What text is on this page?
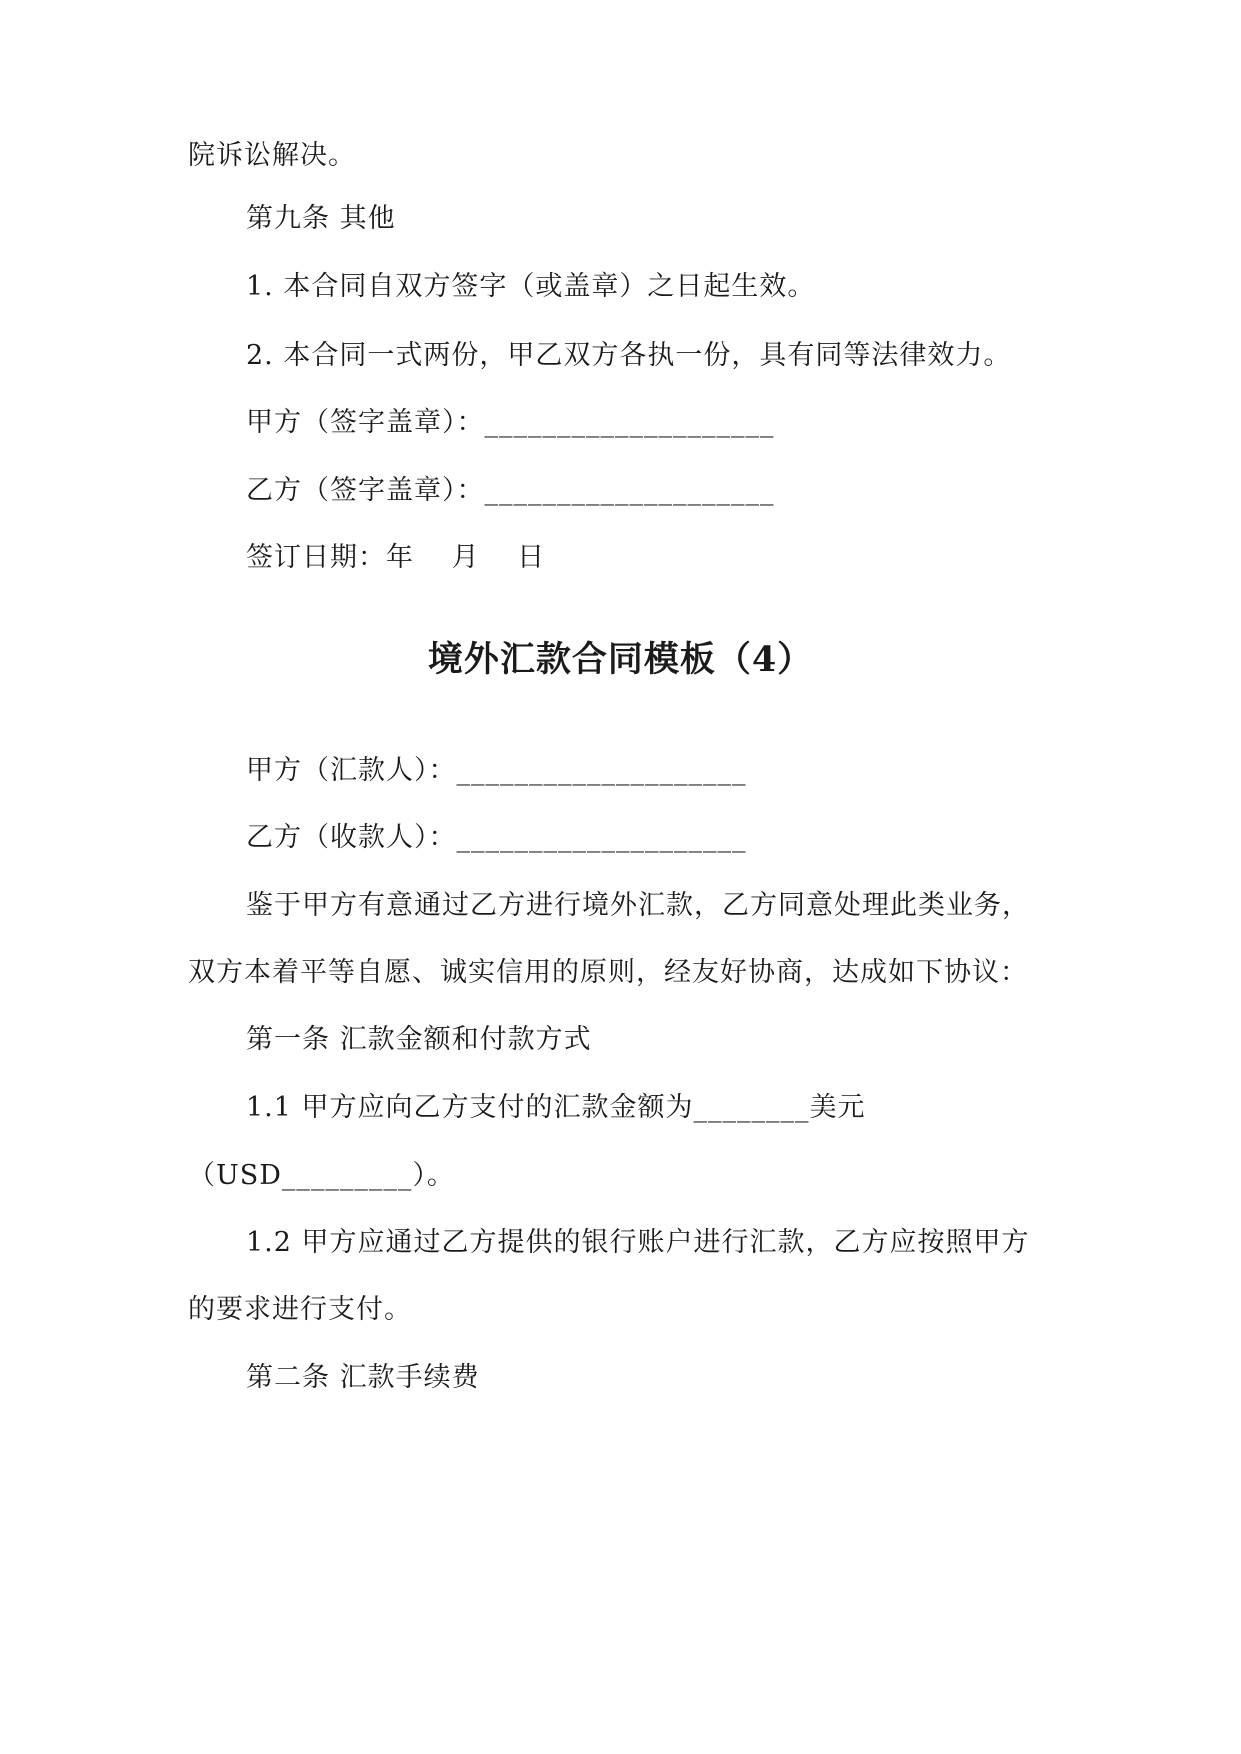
院诉讼解决。
第九条 其他
1. 本合同自双方签字（或盖章）之日起生效。
2. 本合同一式两份，甲乙双方各执一份，具有同等法律效力。
甲方（签字盖章）：____________________
乙方（签字盖章）：____________________
签订日期：年　 月　 日
境外汇款合同模板（4）
甲方（汇款人）：____________________
乙方（收款人）：____________________
鉴于甲方有意通过乙方进行境外汇款，乙方同意处理此类业务，
双方本着平等自愿、诚实信用的原则，经友好协商，达成如下协议：
第一条 汇款金额和付款方式
1.1 甲方应向乙方支付的汇款金额为________美元
（USD_________）。
1.2 甲方应通过乙方提供的银行账户进行汇款，乙方应按照甲方
的要求进行支付。
第二条 汇款手续费
